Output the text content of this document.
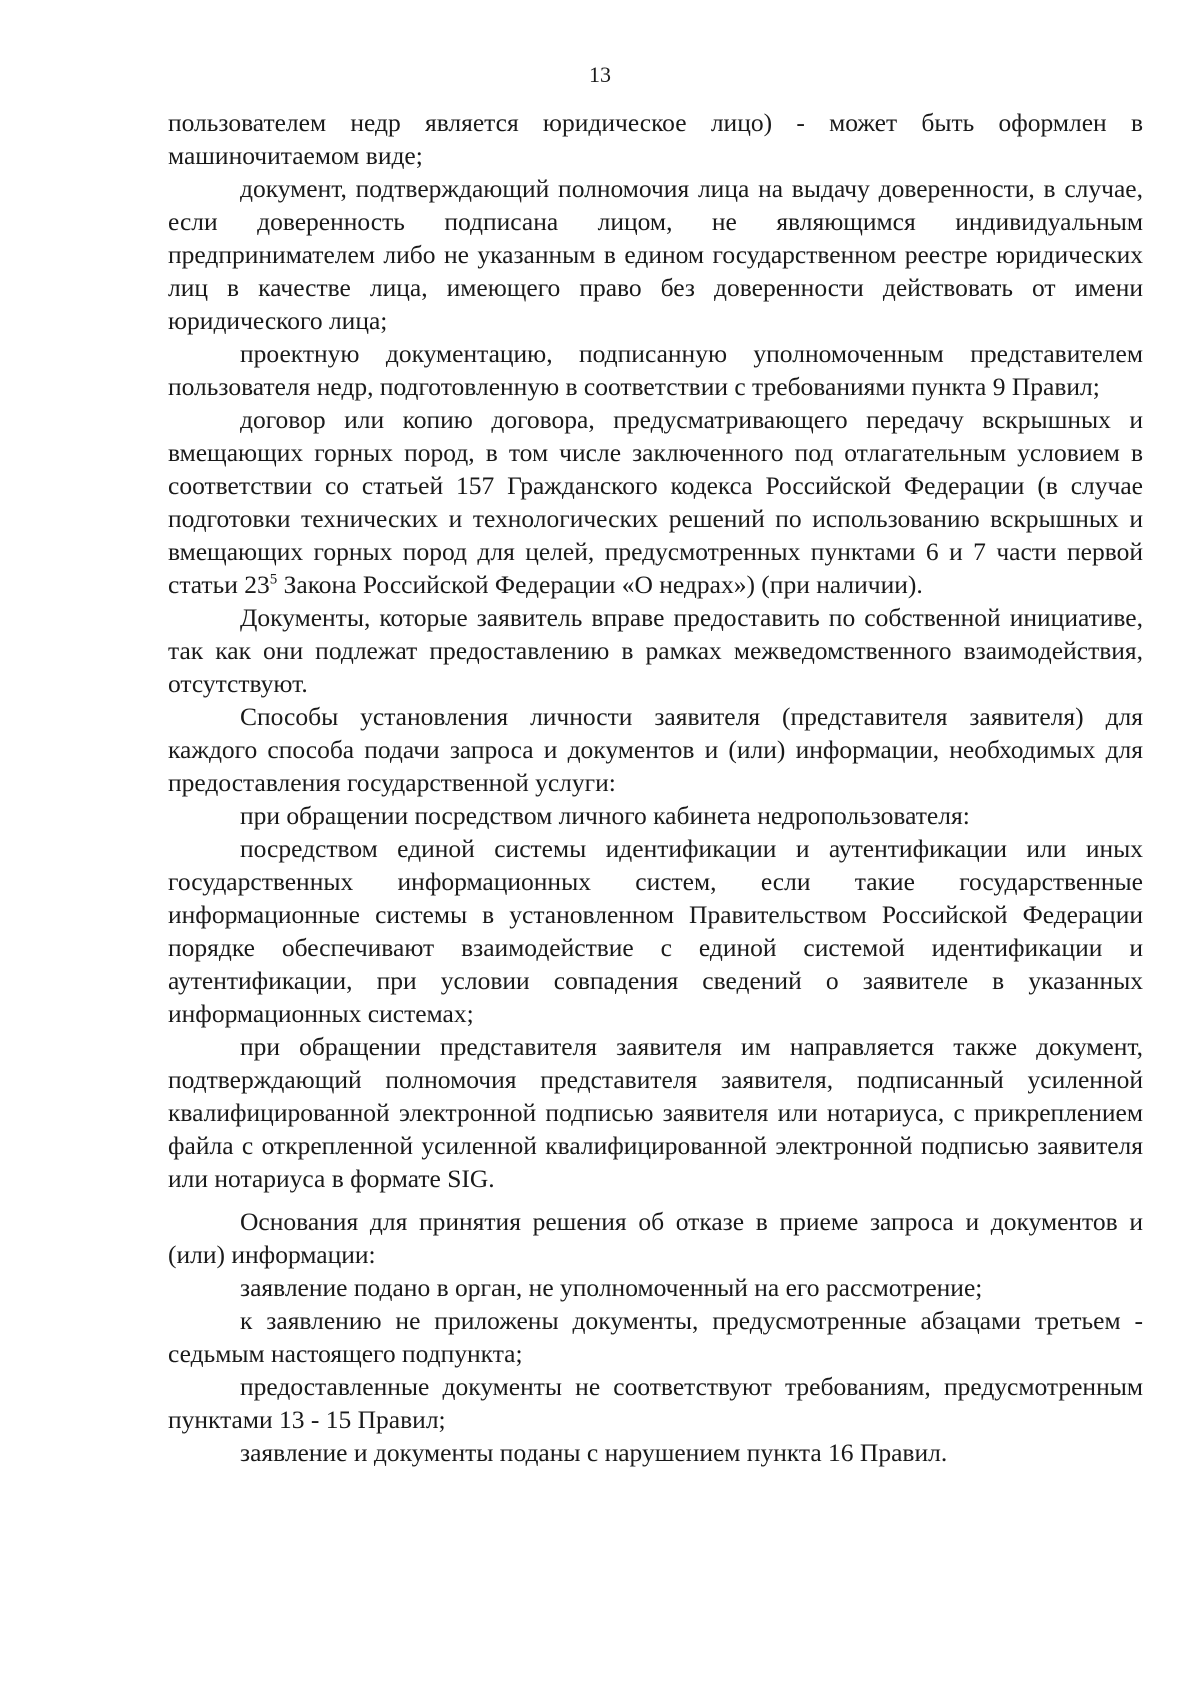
13

пользователем недр является юридическое лицо) - может быть оформлен в машиночитаемом виде;

документ, подтверждающий полномочия лица на выдачу доверенности, в случае, если доверенность подписана лицом, не являющимся индивидуальным предпринимателем либо не указанным в едином государственном реестре юридических лиц в качестве лица, имеющего право без доверенности действовать от имени юридического лица;

проектную документацию, подписанную уполномоченным представителем пользователя недр, подготовленную в соответствии с требованиями пункта 9 Правил;

договор или копию договора, предусматривающего передачу вскрышных и вмещающих горных пород, в том числе заключенного под отлагательным условием в соответствии со статьей 157 Гражданского кодекса Российской Федерации (в случае подготовки технических и технологических решений по использованию вскрышных и вмещающих горных пород для целей, предусмотренных пунктами 6 и 7 части первой статьи $23^5$ Закона Российской Федерации «О недрах») (при наличии).

Документы, которые заявитель вправе предоставить по собственной инициативе, так как они подлежат предоставлению в рамках межведомственного взаимодействия, отсутствуют.

Способы установления личности заявителя (представителя заявителя) для каждого способа подачи запроса и документов и (или) информации, необходимых для предоставления государственной услуги:

при обращении посредством личного кабинета недропользователя:

посредством единой системы идентификации и аутентификации или иных государственных информационных систем, если такие государственные информационные системы в установленном Правительством Российской Федерации порядке обеспечивают взаимодействие с единой системой идентификации и аутентификации, при условии совпадения сведений о заявителе в указанных информационных системах;

при обращении представителя заявителя им направляется также документ, подтверждающий полномочия представителя заявителя, подписанный усиленной квалифицированной электронной подписью заявителя или нотариуса, с прикреплением файла с открепленной усиленной квалифицированной электронной подписью заявителя или нотариуса в формате SIG.

Основания для принятия решения об отказе в приеме запроса и документов и (или) информации:

заявление подано в орган, не уполномоченный на его рассмотрение;

к заявлению не приложены документы, предусмотренные абзацами третьем - седьмым настоящего подпункта;

предоставленные документы не соответствуют требованиям, предусмотренным пунктами 13 - 15 Правил;

заявление и документы поданы с нарушением пункта 16 Правил.
